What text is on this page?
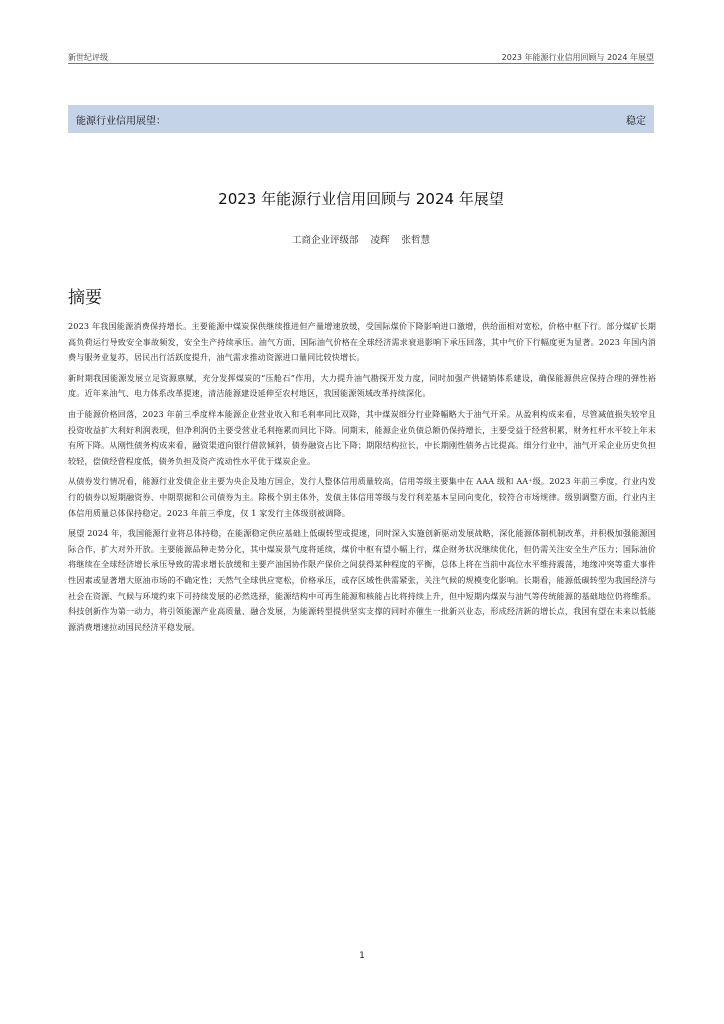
新世纪评级	2023 年能源行业信用回顾与 2024 年展望
能源行业信用展望：	稳定
2023 年能源行业信用回顾与 2024 年展望
工商企业评级部 凌辉 张哲慧
摘要

2023 年我国能源消费保持增长。主要能源中煤炭保供继续推进但产量增速放缓，受国际煤价下降影响进口激增，供给面相对宽松，价格中枢下行。部分煤矿长期高负荷运行导致安全事故频发，安全生产持续承压。油气方面，国际油气价格在全球经济需求衰退影响下承压回落，其中气价下行幅度更为显著。2023 年国内消费与服务业复苏，居民出行活跃度提升，油气需求推动资源进口量同比较快增长。

新时期我国能源发展立足资源禀赋，充分发挥煤炭的“压舱石”作用，大力提升油气勘探开发力度，同时加强产供储销体系建设，确保能源供应保持合理的弹性裕度。近年来油气、电力体系改革提速，清洁能源建设延伸至农村地区，我国能源领域改革持续深化。

由于能源价格回落，2023 年前三季度样本能源企业营业收入和毛利率同比双降，其中煤炭细分行业降幅略大于油气开采。从盈利构成来看，尽管减值损失较窄且投资收益扩大利好利润表现，但净利润仍主要受营业毛利拖累而同比下降。同期末，能源企业负债总额仍保持增长，主要受益于经营积累，财务杠杆水平较上年末有所下降。从刚性债务构成来看，融资渠道向银行借款倾斜，债券融资占比下降；期限结构拉长，中长期刚性债务占比提高。细分行业中，油气开采企业历史负担较轻，偿债经营程度低，债务负担及资产流动性水平优于煤炭企业。

从债券发行情况看，能源行业发债企业主要为央企及地方国企，发行人整体信用质量较高，信用等级主要集中在 AAA 级和 AA⁺级。2023 年前三季度，行业内发行的债券以短期融资券、中期票据和公司债券为主。除极个别主体外，发债主体信用等级与发行利差基本呈同向变化，较符合市场规律。级别调整方面，行业内主体信用质量总体保持稳定。2023 年前三季度，仅 1 家发行主体级别被调降。

展望 2024 年，我国能源行业将总体持稳，在能源稳定供应基础上低碳转型或提速，同时深入实施创新驱动发展战略，深化能源体制机制改革，并积极加强能源国际合作，扩大对外开放。主要能源品种走势分化，其中煤炭景气度将延续，煤价中枢有望小幅上行，煤企财务状况继续优化，但仍需关注安全生产压力；国际油价将继续在全球经济增长承压导致的需求增长放缓和主要产油国协作限产保价之间获得某种程度的平衡，总体上将在当前中高位水平维持震荡，地缘冲突等重大事件性因素或显著增大原油市场的不确定性；天然气全球供应宽松，价格承压，或存区域性供需紧张，关注气候的规模变化影响。长期看，能源低碳转型为我国经济与社会在资源、气候与环境约束下可持续发展的必然选择，能源结构中可再生能源和核能占比将持续上升，但中短期内煤炭与油气等传统能源的基础地位仍将维系。科技创新作为第一动力，将引领能源产业高质量、融合发展，为能源转型提供坚实支撑的同时亦催生一批新兴业态，形成经济新的增长点，我国有望在未来以低能源消费增速拉动国民经济平稳发展。

1
